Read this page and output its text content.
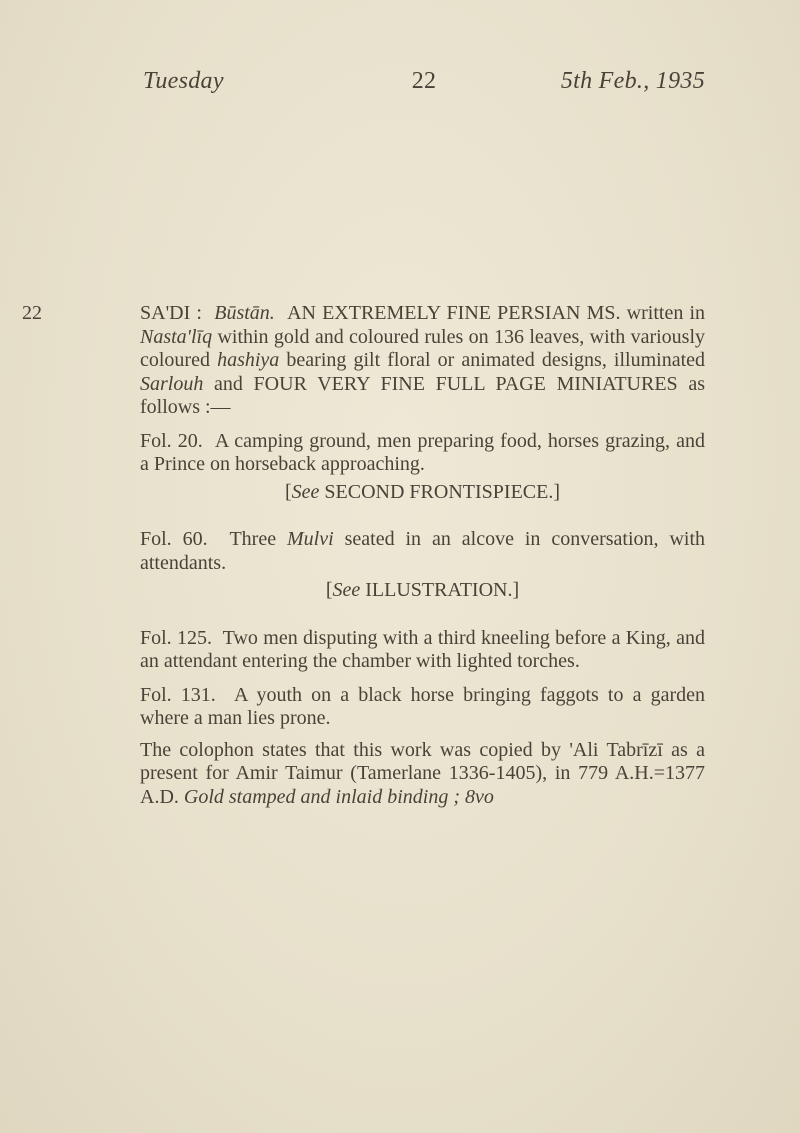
Tuesday	22	5th Feb., 1935
22	SA'DI : Būstān. AN EXTREMELY FINE PERSIAN MS. written in Nasta'līq within gold and coloured rules on 136 leaves, with variously coloured hashiya bearing gilt floral or animated designs, illuminated Sarlouh and FOUR VERY FINE FULL PAGE MINIATURES as follows :—

Fol. 20. A camping ground, men preparing food, horses grazing, and a Prince on horseback approaching.
[See SECOND FRONTISPIECE.]
Fol. 60. Three Mulvi seated in an alcove in conversation, with attendants.
[See ILLUSTRATION.]
Fol. 125. Two men disputing with a third kneeling before a King, and an attendant entering the chamber with lighted torches.
Fol. 131. A youth on a black horse bringing faggots to a garden where a man lies prone.

The colophon states that this work was copied by 'Ali Tabrīzī as a present for Amir Taimur (Tamerlane 1336-1405), in 779 A.H.=1377 A.D. Gold stamped and inlaid binding ; 8vo
